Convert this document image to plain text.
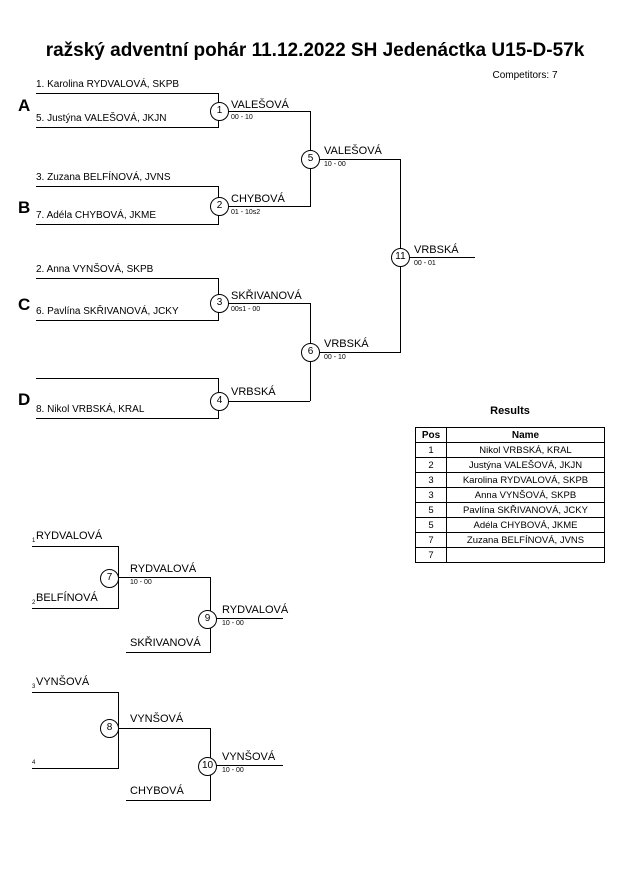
ražský adventní pohár 11.12.2022 SH Jedenáctka U15-D-57k
Competitors: 7
A
B
C
D
1. Karolina RYDVALOVÁ, SKPB
5. Justýna VALEŠOVÁ, JKJN
3. Zuzana BELFÍNOVÁ, JVNS
7. Adéla CHYBOVÁ, JKME
2. Anna VYNŠOVÁ, SKPB
6. Pavlína SKŘIVANOVÁ, JCKY
8. Nikol VRBSKÁ, KRAL
1 VALEŠOVÁ
00 - 10
2
CHYBOVÁ
01 - 10s2
3
SKŘIVANOVÁ
00s1 - 00
4
VRBSKÁ
5
VALEŠOVÁ
10 - 00
6
VRBSKÁ
00 - 10
11
VRBSKÁ
00 - 01
RYDVALOVÁ
1
BELFÍNOVÁ
2
7
RYDVALOVÁ
10 - 00
SKŘIVANOVÁ
9
RYDVALOVÁ
10 - 00
VYNŠOVÁ
3
4
8
VYNŠOVÁ
CHYBOVÁ
10
VYNŠOVÁ
10 - 00
Results
Pos	Name
1	Nikol VRBSKÁ, KRAL
2	Justýna VALEŠOVÁ, JKJN
3	Karolina RYDVALOVÁ, SKPB
3	Anna VYNŠOVÁ, SKPB
5	Pavlína SKŘIVANOVÁ, JCKY
5	Adéla CHYBOVÁ, JKME
7	Zuzana BELFÍNOVÁ, JVNS
7	
